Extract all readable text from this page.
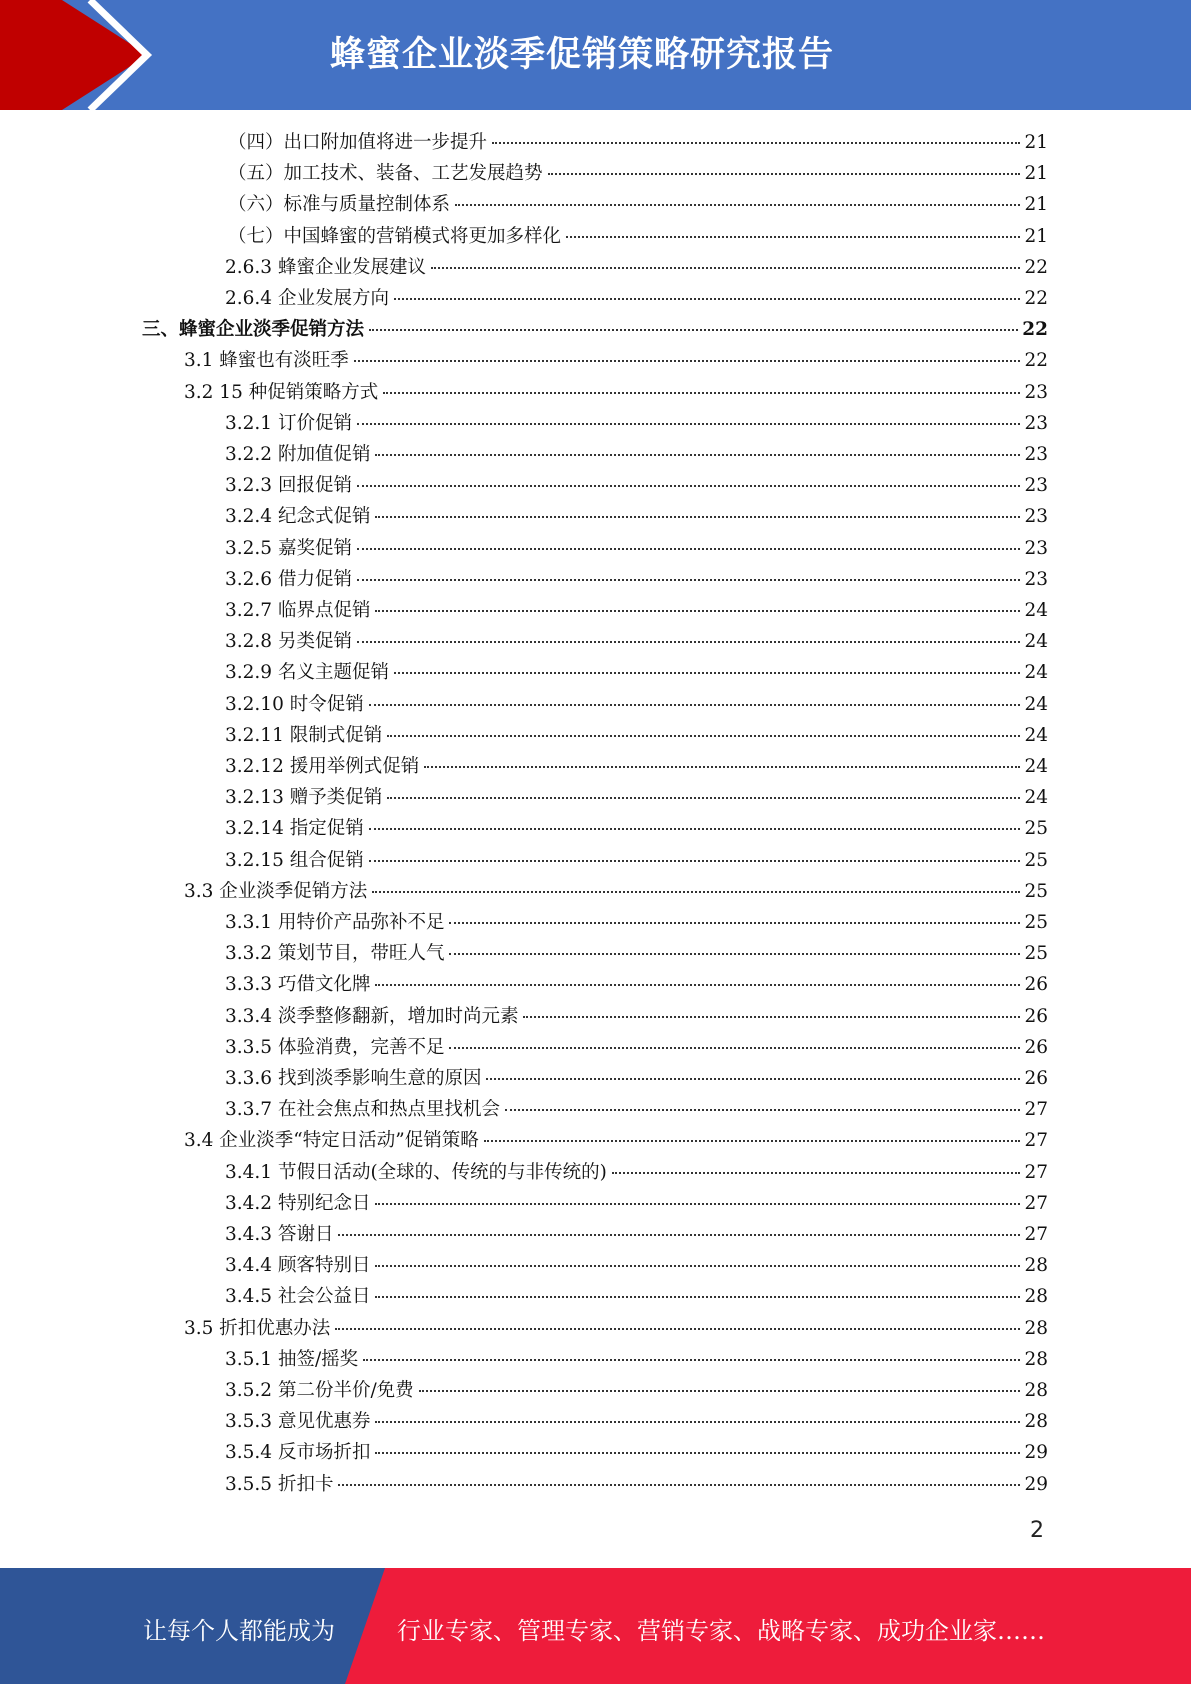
蜂蜜企业淡季促销策略研究报告
（四）出口附加值将进一步提升	21
（五）加工技术、装备、工艺发展趋势	21
（六）标准与质量控制体系	21
（七）中国蜂蜜的营销模式将更加多样化	21
2.6.3 蜂蜜企业发展建议	22
2.6.4 企业发展方向	22
三、蜂蜜企业淡季促销方法	22
3.1 蜂蜜也有淡旺季	22
3.2 15 种促销策略方式	23
3.2.1 订价促销	23
3.2.2 附加值促销	23
3.2.3 回报促销	23
3.2.4 纪念式促销	23
3.2.5 嘉奖促销	23
3.2.6 借力促销	23
3.2.7 临界点促销	24
3.2.8 另类促销	24
3.2.9 名义主题促销	24
3.2.10 时令促销	24
3.2.11 限制式促销	24
3.2.12 援用举例式促销	24
3.2.13 赠予类促销	24
3.2.14 指定促销	25
3.2.15 组合促销	25
3.3 企业淡季促销方法	25
3.3.1 用特价产品弥补不足	25
3.3.2 策划节目，带旺人气	25
3.3.3 巧借文化牌	26
3.3.4 淡季整修翻新，增加时尚元素	26
3.3.5 体验消费，完善不足	26
3.3.6 找到淡季影响生意的原因	26
3.3.7 在社会焦点和热点里找机会	27
3.4 企业淡季“特定日活动”促销策略	27
3.4.1 节假日活动(全球的、传统的与非传统的)	27
3.4.2 特别纪念日	27
3.4.3 答谢日	27
3.4.4 顾客特别日	28
3.4.5 社会公益日	28
3.5 折扣优惠办法	28
3.5.1 抽签/摇奖	28
3.5.2 第二份半价/免费	28
3.5.3 意见优惠券	28
3.5.4 反市场折扣	29
3.5.5 折扣卡	29
2
让每个人都能成为	行业专家、管理专家、营销专家、战略专家、成功企业家……
